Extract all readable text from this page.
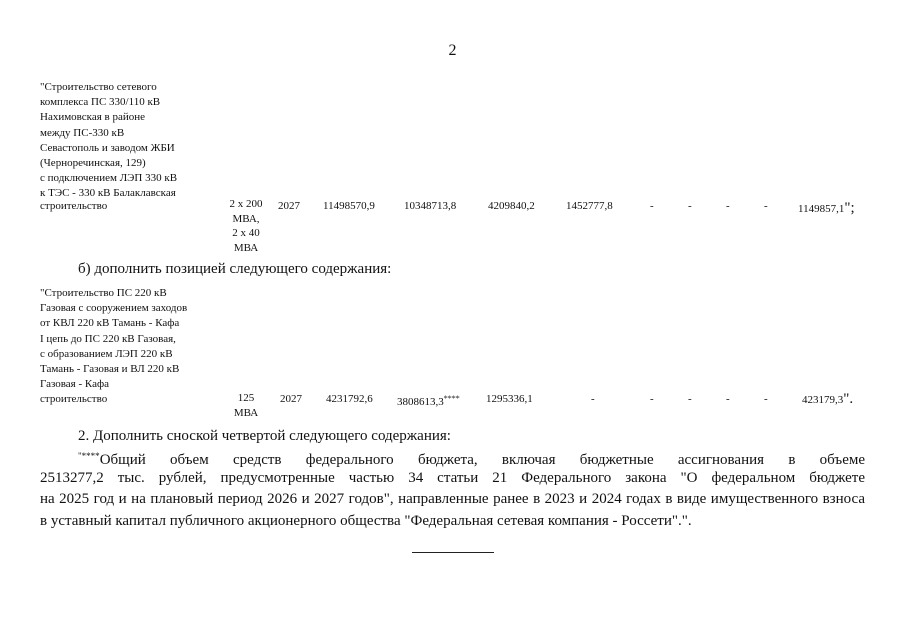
2
"Строительство сетевого
комплекса ПС 330/110 кВ
Нахимовская в районе
между ПС-330 кВ
Севастополь и заводом ЖБИ
(Черноречинская, 129)
с подключением ЛЭП 330 кВ
к ТЭС - 330 кВ Балаклавская
строительство	2 x 200
МВА,
2 x 40
МВА
2027 11498570,9	10348713,8	4209840,2	1452777,8	-	-	-	-	1149857,1";
б) дополнить позицией следующего содержания:
"Строительство ПС 220 кВ
Газовая с сооружением заходов
от КВЛ 220 кВ Тамань - Кафа
I цепь до ПС 220 кВ Газовая,
с образованием ЛЭП 220 кВ
Тамань - Газовая и ВЛ 220 кВ
Газовая - Кафа
строительство	125
МВА
2027 4231792,6 3808613,3**** 1295336,1	-	-	-	-	-	423179,3".
2. Дополнить сноской четвертой следующего содержания:
"****Общий объем средств федерального бюджета, включая бюджетные ассигнования в объеме
2513277,2 тыс. рублей, предусмотренные частью 34 статьи 21 Федерального закона "О федеральном бюджете
на 2025 год и на плановый период 2026 и 2027 годов", направленные ранее в 2023 и 2024 годах в виде имущественного взноса
в уставный капитал публичного акционерного общества "Федеральная сетевая компания - Россети".".
